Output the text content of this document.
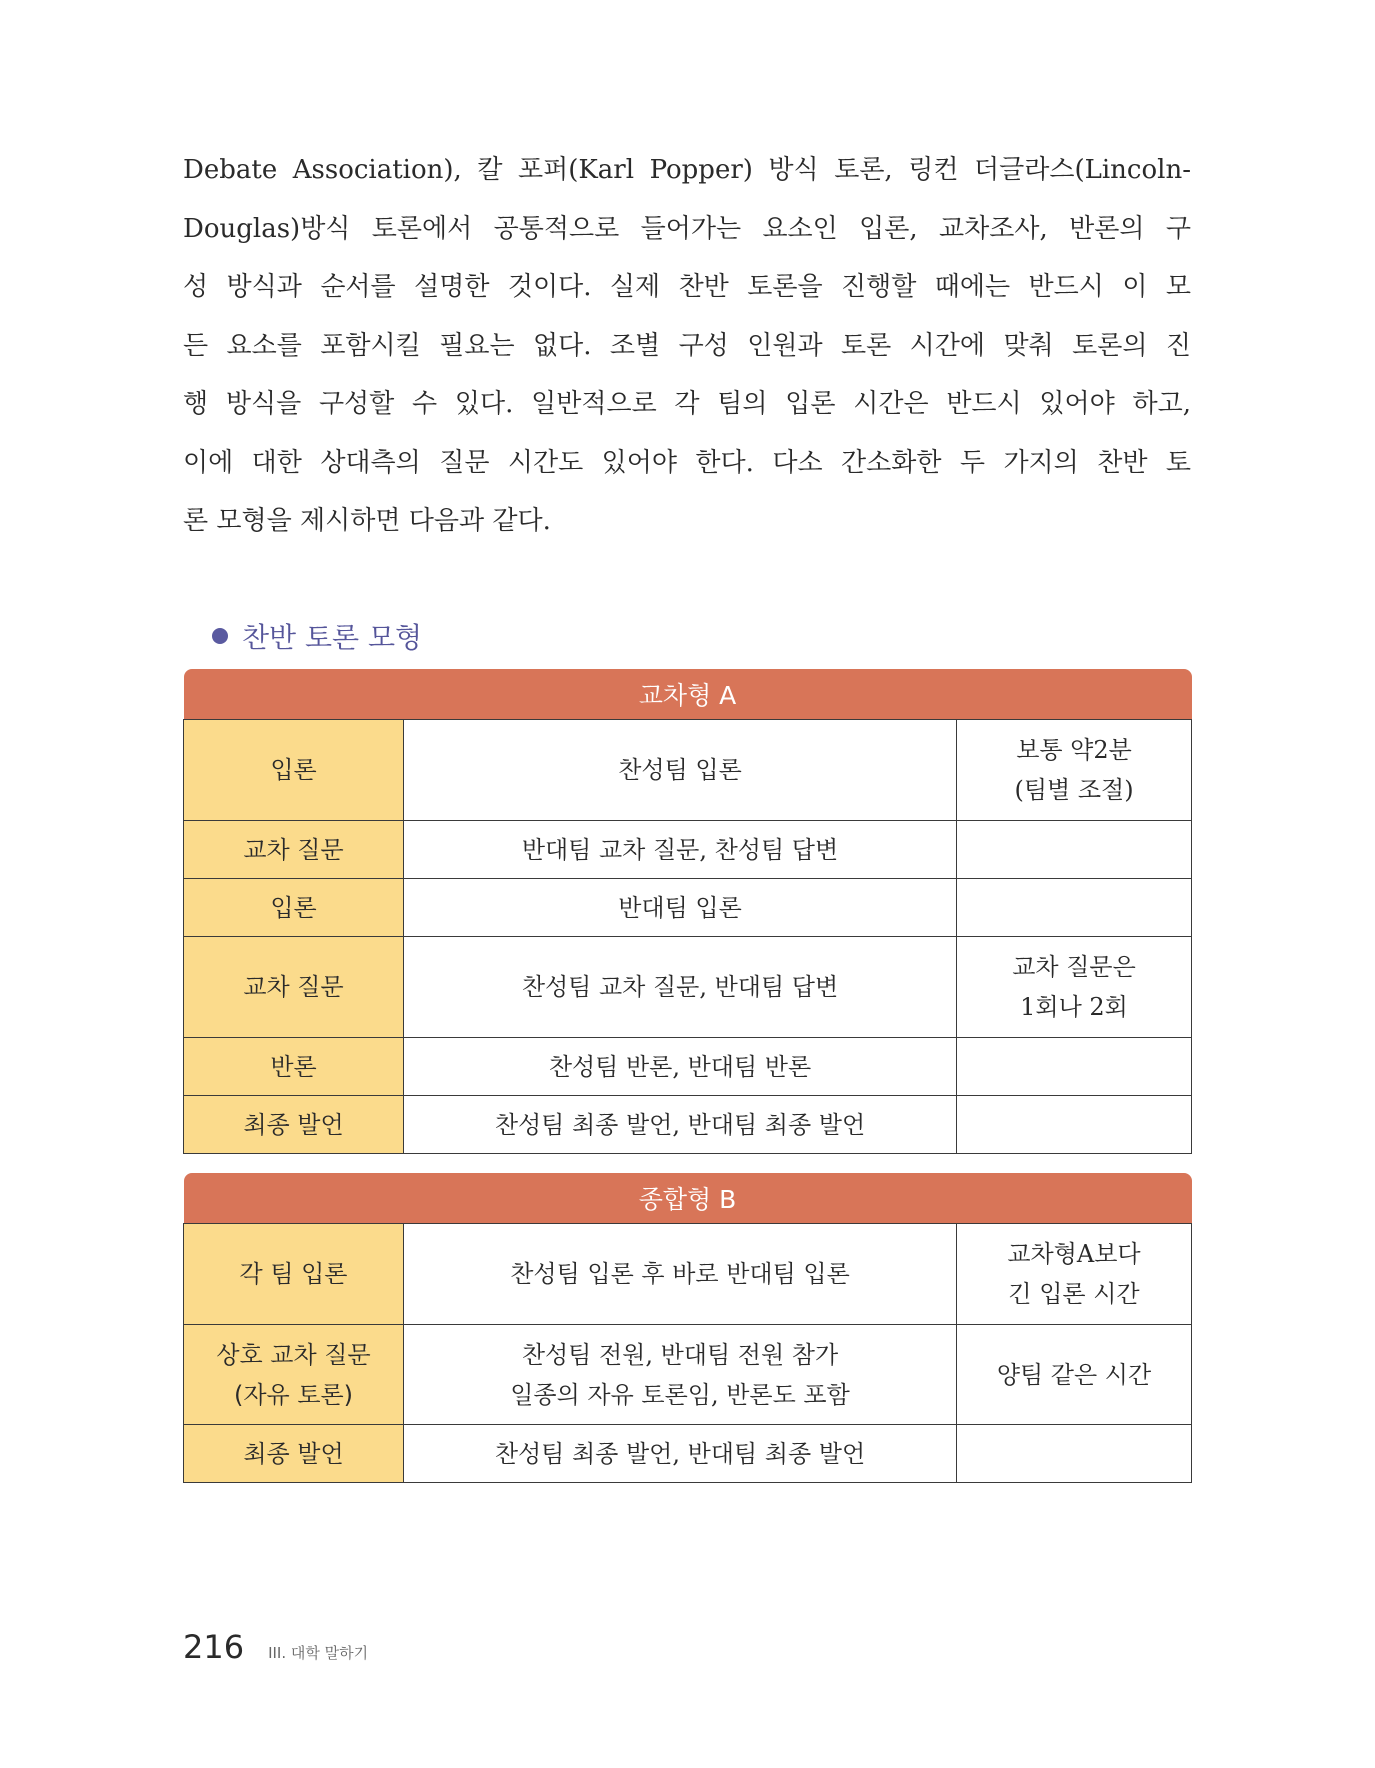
Debate Association), 칼 포퍼(Karl Popper) 방식 토론, 링컨 더글라스(Lincoln-
Douglas)방식 토론에서 공통적으로 들어가는 요소인 입론, 교차조사, 반론의 구
성 방식과 순서를 설명한 것이다. 실제 찬반 토론을 진행할 때에는 반드시 이 모
든 요소를 포함시킬 필요는 없다. 조별 구성 인원과 토론 시간에 맞춰 토론의 진
행 방식을 구성할 수 있다. 일반적으로 각 팀의 입론 시간은 반드시 있어야 하고,
이에 대한 상대측의 질문 시간도 있어야 한다. 다소 간소화한 두 가지의 찬반 토
론 모형을 제시하면 다음과 같다.
찬반 토론 모형
교차형 A		

입론	찬성팀 입론	보통 약2분
(팀별 조절)

교차 질문	반대팀 교차 질문, 찬성팀 답변	

입론	반대팀 입론	

교차 질문	찬성팀 교차 질문, 반대팀 답변	교차 질문은
1회나 2회

반론	찬성팀 반론, 반대팀 반론	

최종 발언	찬성팀 최종 발언, 반대팀 최종 발언	

종합형 B		

각 팀 입론	찬성팀 입론 후 바로 반대팀 입론	교차형A보다
긴 입론 시간

상호 교차 질문
(자유 토론)	찬성팀 전원, 반대팀 전원 참가
일종의 자유 토론임, 반론도 포함	양팀 같은 시간

최종 발언	찬성팀 최종 발언, 반대팀 최종 발언	

216 III. 대학 말하기
